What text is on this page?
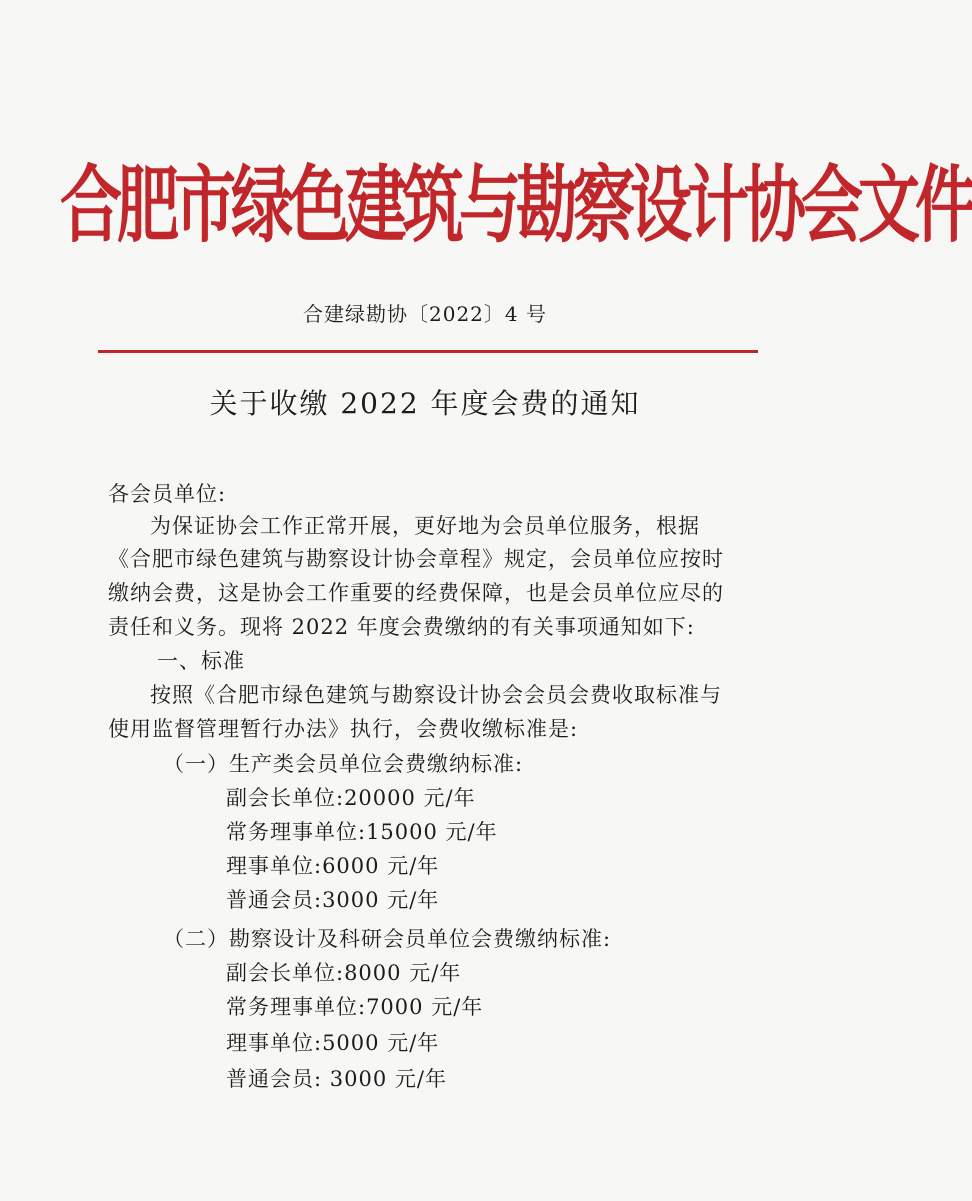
合肥市绿色建筑与勘察设计协会文件
合建绿勘协〔2022〕4 号
关于收缴 2022 年度会费的通知
各会员单位:
为保证协会工作正常开展，更好地为会员单位服务，根据
《合肥市绿色建筑与勘察设计协会章程》规定，会员单位应按时
缴纳会费，这是协会工作重要的经费保障，也是会员单位应尽的
责任和义务。现将 2022 年度会费缴纳的有关事项通知如下:
一、标准
按照《合肥市绿色建筑与勘察设计协会会员会费收取标准与
使用监督管理暂行办法》执行，会费收缴标准是:
（一）生产类会员单位会费缴纳标准:
副会长单位:20000 元/年
常务理事单位:15000 元/年
理事单位:6000 元/年
普通会员:3000 元/年
（二）勘察设计及科研会员单位会费缴纳标准:
副会长单位:8000 元/年
常务理事单位:7000 元/年
理事单位:5000 元/年
普通会员: 3000 元/年
